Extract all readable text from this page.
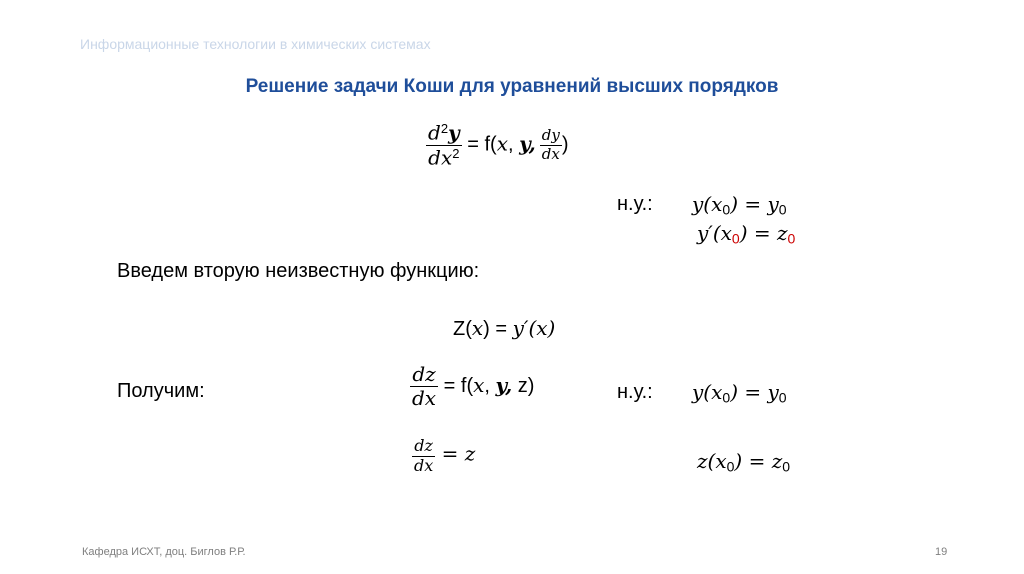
Информационные технологии в химических системах
Решение задачи Коши для уравнений высших порядков
$\frac{d^2y}{dx^2} = f(x$, y, $\frac{dy}{dx}$ )
н.у.: $y(x_0) = y_0$
$y'(x_0) = z_0$
Введем вторую неизвестную функцию:
Z(x) = y′(x)
Получим:	$\frac{dz}{dx} = f(x$, y, z)	н.у.: $y(x_0) = y_0$
$\frac{dz}{dx} = z$	$z(x_0) = z_0$
Кафедра ИСХТ, доц. Биглов Р.Р.	19
